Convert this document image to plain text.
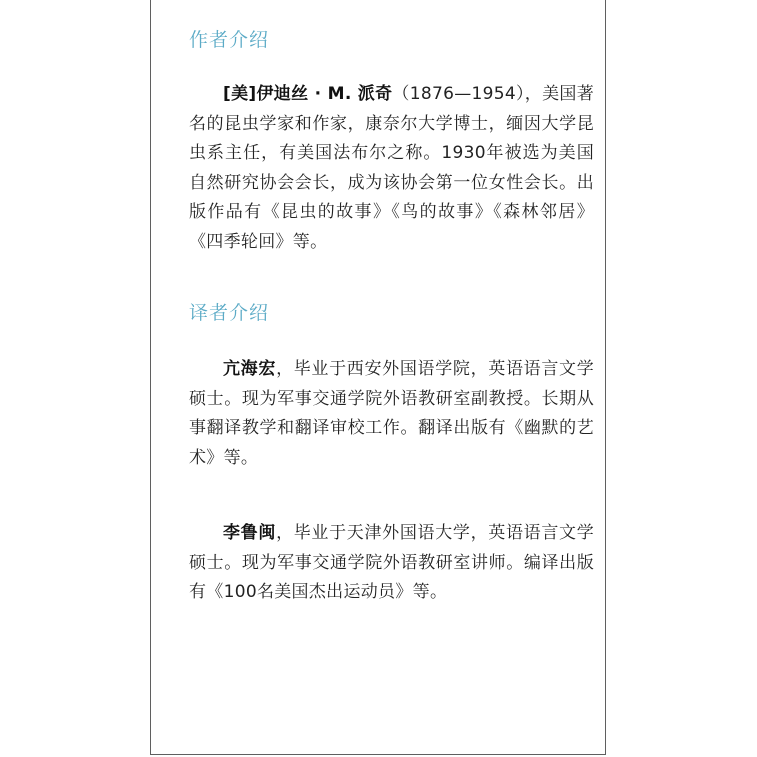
作者介绍

[美]伊迪丝 · M. 派奇（1876—1954），美国著名的昆虫学家和作家，康奈尔大学博士，缅因大学昆虫系主任，有美国法布尔之称。1930年被选为美国自然研究协会会长，成为该协会第一位女性会长。出版作品有《昆虫的故事》《鸟的故事》《森林邻居》《四季轮回》等。

译者介绍

亢海宏，毕业于西安外国语学院，英语语言文学硕士。现为军事交通学院外语教研室副教授。长期从事翻译教学和翻译审校工作。翻译出版有《幽默的艺术》等。

李鲁闽，毕业于天津外国语大学，英语语言文学硕士。现为军事交通学院外语教研室讲师。编译出版有《100名美国杰出运动员》等。
